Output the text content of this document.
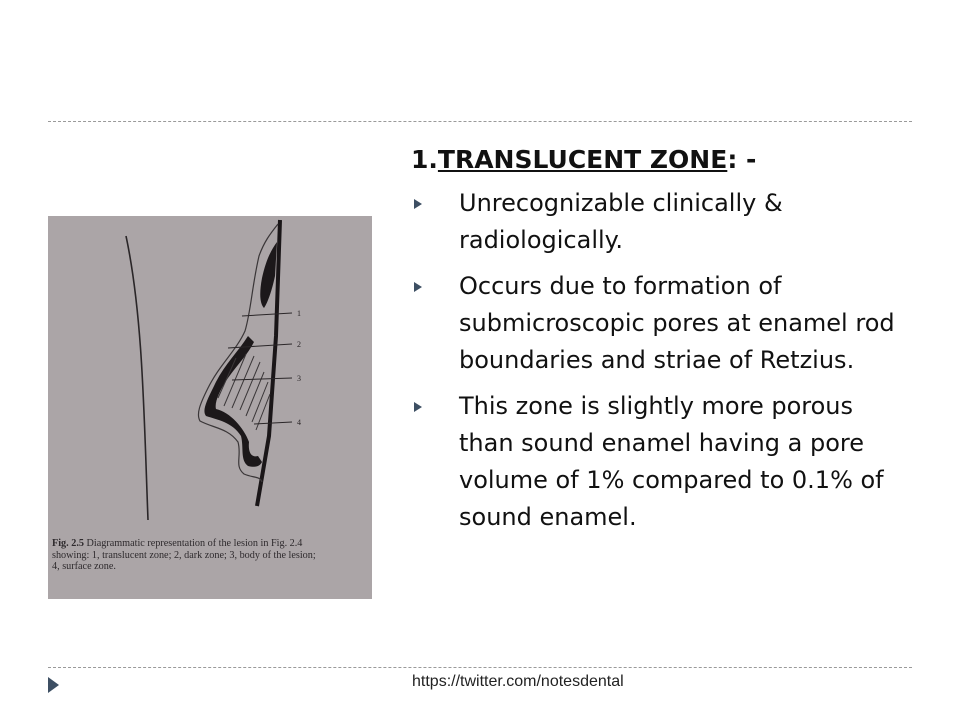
1
2
3
4
Fig. 2.5 Diagrammatic representation of the lesion in Fig. 2.4
showing: 1, translucent zone; 2, dark zone; 3, body of the lesion;
4, surface zone.
1.TRANSLUCENT ZONE: -
Unrecognizable clinically & radiologically.
Occurs due to formation of submicroscopic pores at enamel rod boundaries and striae of Retzius.
This zone is slightly more porous than sound enamel having a pore volume of 1% compared to 0.1% of sound enamel.
https://twitter.com/notesdental
